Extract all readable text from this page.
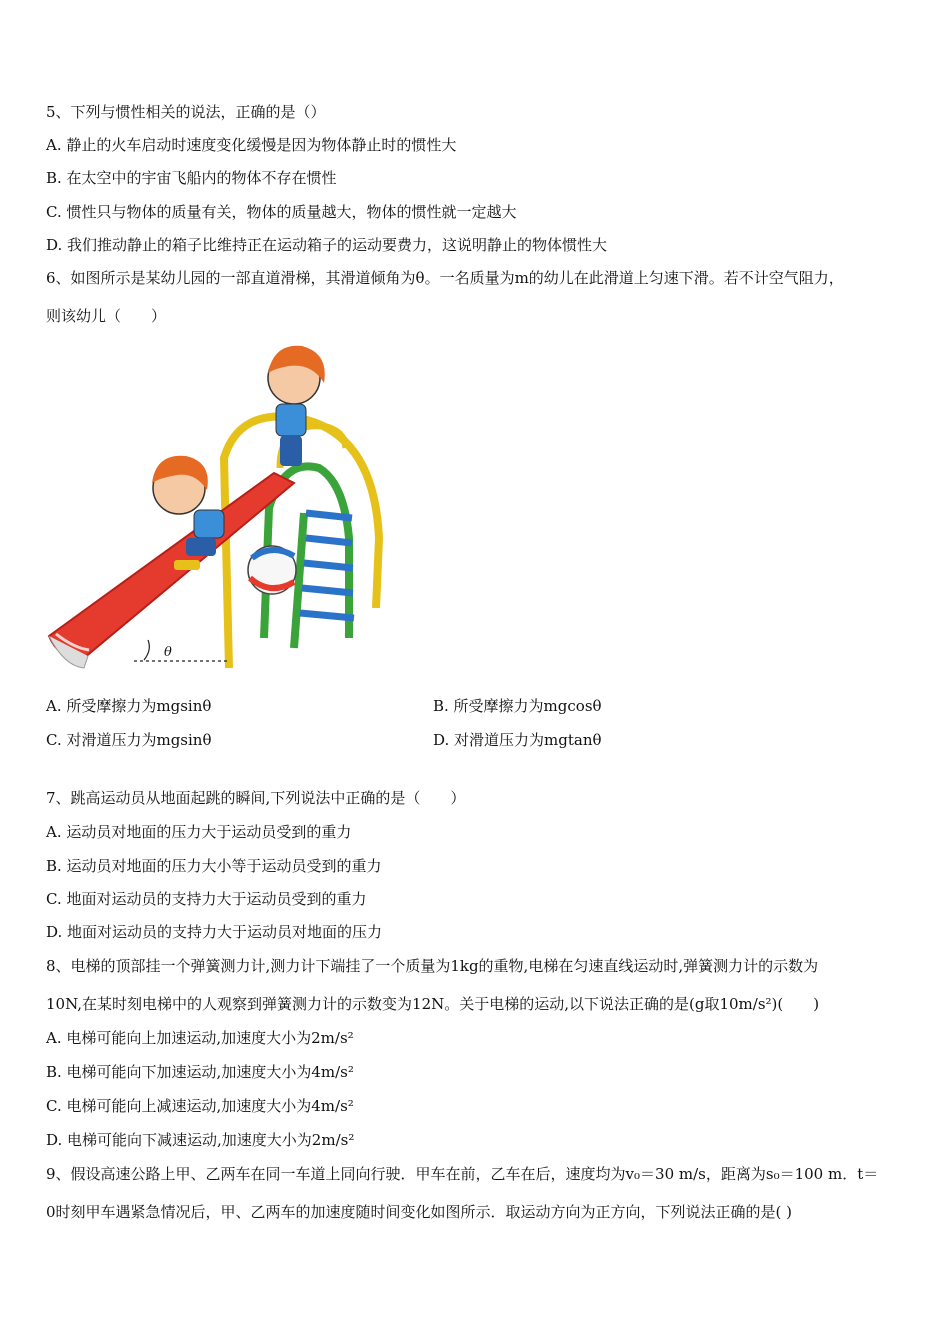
5、下列与惯性相关的说法，正确的是（）
A. 静止的火车启动时速度变化缓慢是因为物体静止时的惯性大
B. 在太空中的宇宙飞船内的物体不存在惯性
C. 惯性只与物体的质量有关，物体的质量越大，物体的惯性就一定越大
D. 我们推动静止的箱子比维持正在运动箱子的运动要费力，这说明静止的物体惯性大
6、如图所示是某幼儿园的一部直道滑梯，其滑道倾角为θ。一名质量为m的幼儿在此滑道上匀速下滑。若不计空气阻力，
则该幼儿（　　）
θ
A. 所受摩擦力为mgsinθ	B. 所受摩擦力为mgcosθ
C. 对滑道压力为mgsinθ	D. 对滑道压力为mgtanθ
7、跳高运动员从地面起跳的瞬间,下列说法中正确的是（　　）
A. 运动员对地面的压力大于运动员受到的重力
B. 运动员对地面的压力大小等于运动员受到的重力
C. 地面对运动员的支持力大于运动员受到的重力
D. 地面对运动员的支持力大于运动员对地面的压力
8、电梯的顶部挂一个弹簧测力计,测力计下端挂了一个质量为1kg的重物,电梯在匀速直线运动时,弹簧测力计的示数为
10N,在某时刻电梯中的人观察到弹簧测力计的示数变为12N。关于电梯的运动,以下说法正确的是(g取10m/s²)(　　)
A. 电梯可能向上加速运动,加速度大小为2m/s²
B. 电梯可能向下加速运动,加速度大小为4m/s²
C. 电梯可能向上减速运动,加速度大小为4m/s²
D. 电梯可能向下减速运动,加速度大小为2m/s²
9、假设高速公路上甲、乙两车在同一车道上同向行驶．甲车在前，乙车在后，速度均为v₀＝30 m/s，距离为s₀＝100 m．t＝
0时刻甲车遇紧急情况后，甲、乙两车的加速度随时间变化如图所示．取运动方向为正方向，下列说法正确的是( )
